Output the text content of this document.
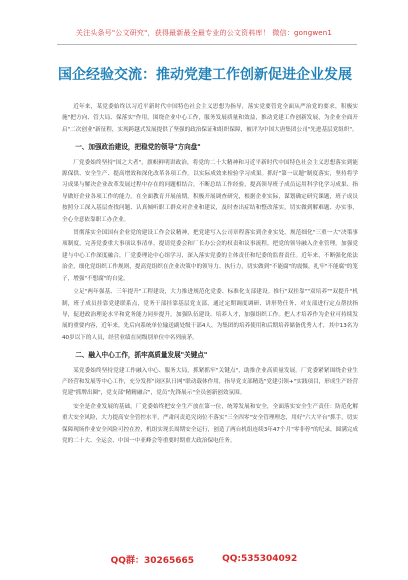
关注头条号"公文研究"，获得最新最全最专业的公文资料库！ 微信：gongwen1
国企经验交流：推动党建工作创新促进企业发展

近年来，某党委始终以习近平新时代中国特色社会主义思想为指导，落实党要管党全面从严治党的要求，积极实施"把方向、管大局、保落实"作用。围绕企业中心工作，服务发展质量和效益，推动党建工作创新发展，为企业全面开启"二次创业"新征程，实现跨越式发展提供了坚强的政治保证和组织保障，被评为中国大唐集团公司"先进基层党组织"。

一、加强政治建设，把稳党的领导"方向盘"

厂党委始终坚持"国之大者"，旗帜鲜明讲政治，将党的二十大精神和习近平新时代中国特色社会主义思想落实到能源保供、安全生产、提高增效和深化改革各项工作。以实际成效来检验学习成果。抓好"第一议题"制度落实，坚持将学习成果与解决企业改革发展过程中存在的问题相结合，不断总结工作经验，提高领导班子成员运用科学化学习成果、指导做好企业各项工作的能力。在全面教育开展前期，积极开展调查研究，根据企业实际，谋划确定研究课题，班子成员按照分工深入基层查找问题、认真倾听职工群众对企业和建议，及时查出症结和整改落实，切实做到解难题、办实事，全心全意依靠职工办企业。

贯彻落实全国国有企业党的建设工作会议精神，把党建写入公司章程落实到企业实处。规范细化"三重一大"决策事项制度，完善党委重大事项议事清单，提请党委会和厂长办公会的权责和议事流程，把党的领导融入企业管理。加强党建与中心工作深度融合，厂党委理论中心组学习，深入落实党委的主体责任和纪委的监督责任。近年来，不断强化依法治企，细化党组织工作规则，提高党组织在企业决策中的领导力、执行力，切实做到"不能腐"的震慑，扎牢"不能腐"的笼子，增强"不想腐"的自觉。

立足"两年强基、三年提升"工程建设，大力推进规范化党委、标准化支部建设。推行"双挂靠""双培养""双提升"机制，班子成员挂靠党建联系点，党务干部挂靠基层党支部，通过定期调度调研、讲形势任务、对支部进行定点帮扶指导，促进政治理论水平和党务能力同步提升。加强队伍建设、培养人才，加强组织工作。把人才培养作为企业可持续发展的重要内容，近年来，先后向系统单位输送副处级干部4人，为集团的培养使用和后期培养储备优秀人才，其中13名为40岁以下的人员，经营业绩在同级别单位中名列前茅。

二、融入中心工作，抓牢高质量发展"关键点"

某党委始终坚持党建工作融入中心、服务大局，抓紧抓牢"关键点"，助推企业高质量发展。厂党委紧紧围绕企业生产经营和发展等中心工作，充分发挥"岗区队日网"联动载体作用，指导党支部精选"党建引领+"实践项目，形成生产经营党建"抓牌出圈"，党支部"精精融合"，党员"先锋展示"全员创新创效氛围。

安全是企业发展的基础，厂党委始终把安全生产放在第一位，统筹发展和安全，全面落实安全生产责任：防范化解重大安全风险，大力提高安全管控水平，严肃问责追究岗位不落实"三全四零"安全管理理念，用好"六大平台"抓手，切实保障现场作业安全风险可控在控，机组实现长周期安全运行，创造了两台机组连续3年47个月"零非停"的纪录，圆满完成党的二十大、全运会、中国一中亚峰会等重要时期重大政治保电任务。

QQ群：30265665	QQ:535304092
